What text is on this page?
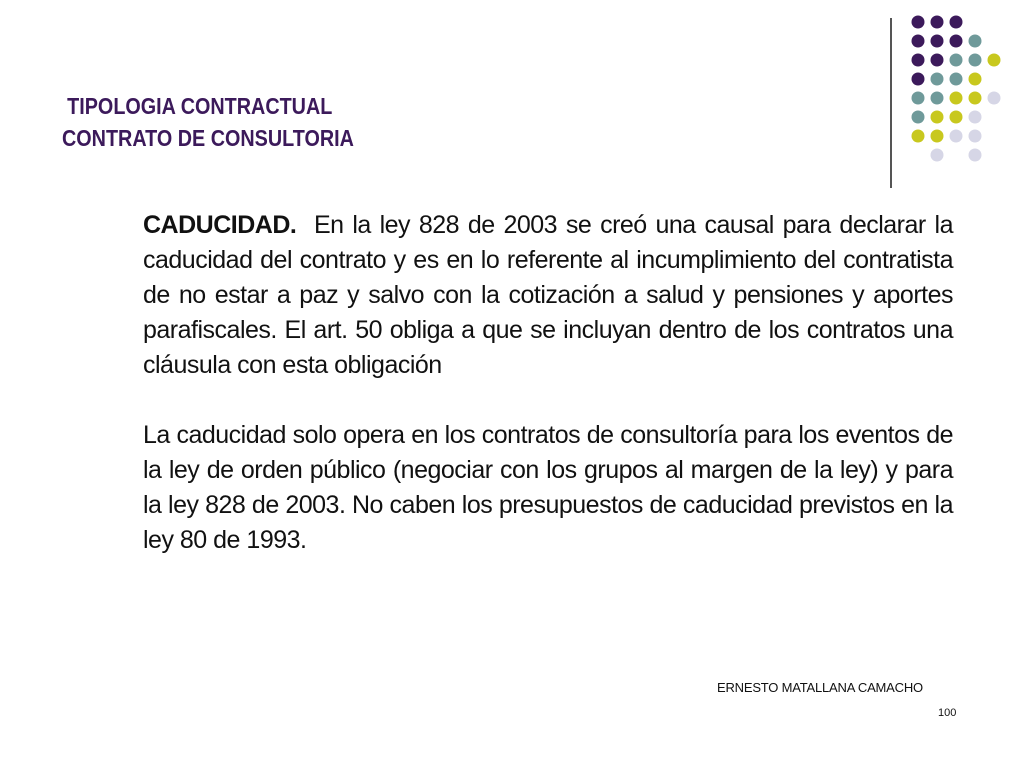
TIPOLOGIA CONTRACTUAL
CONTRATO DE CONSULTORIA

CADUCIDAD. En la ley 828 de 2003 se creó una causal para declarar la caducidad del contrato y es en lo referente al incumplimiento del contratista de no estar a paz y salvo con la cotización a salud y pensiones y aportes parafiscales. El art. 50 obliga a que se incluyan dentro de los contratos una cláusula con esta obligación

La caducidad solo opera en los contratos de consultoría para los eventos de la ley de orden público (negociar con los grupos al margen de la ley) y para la ley 828 de 2003. No caben los presupuestos de caducidad previstos en la ley 80 de 1993.

ERNESTO MATALLANA CAMACHO
100
